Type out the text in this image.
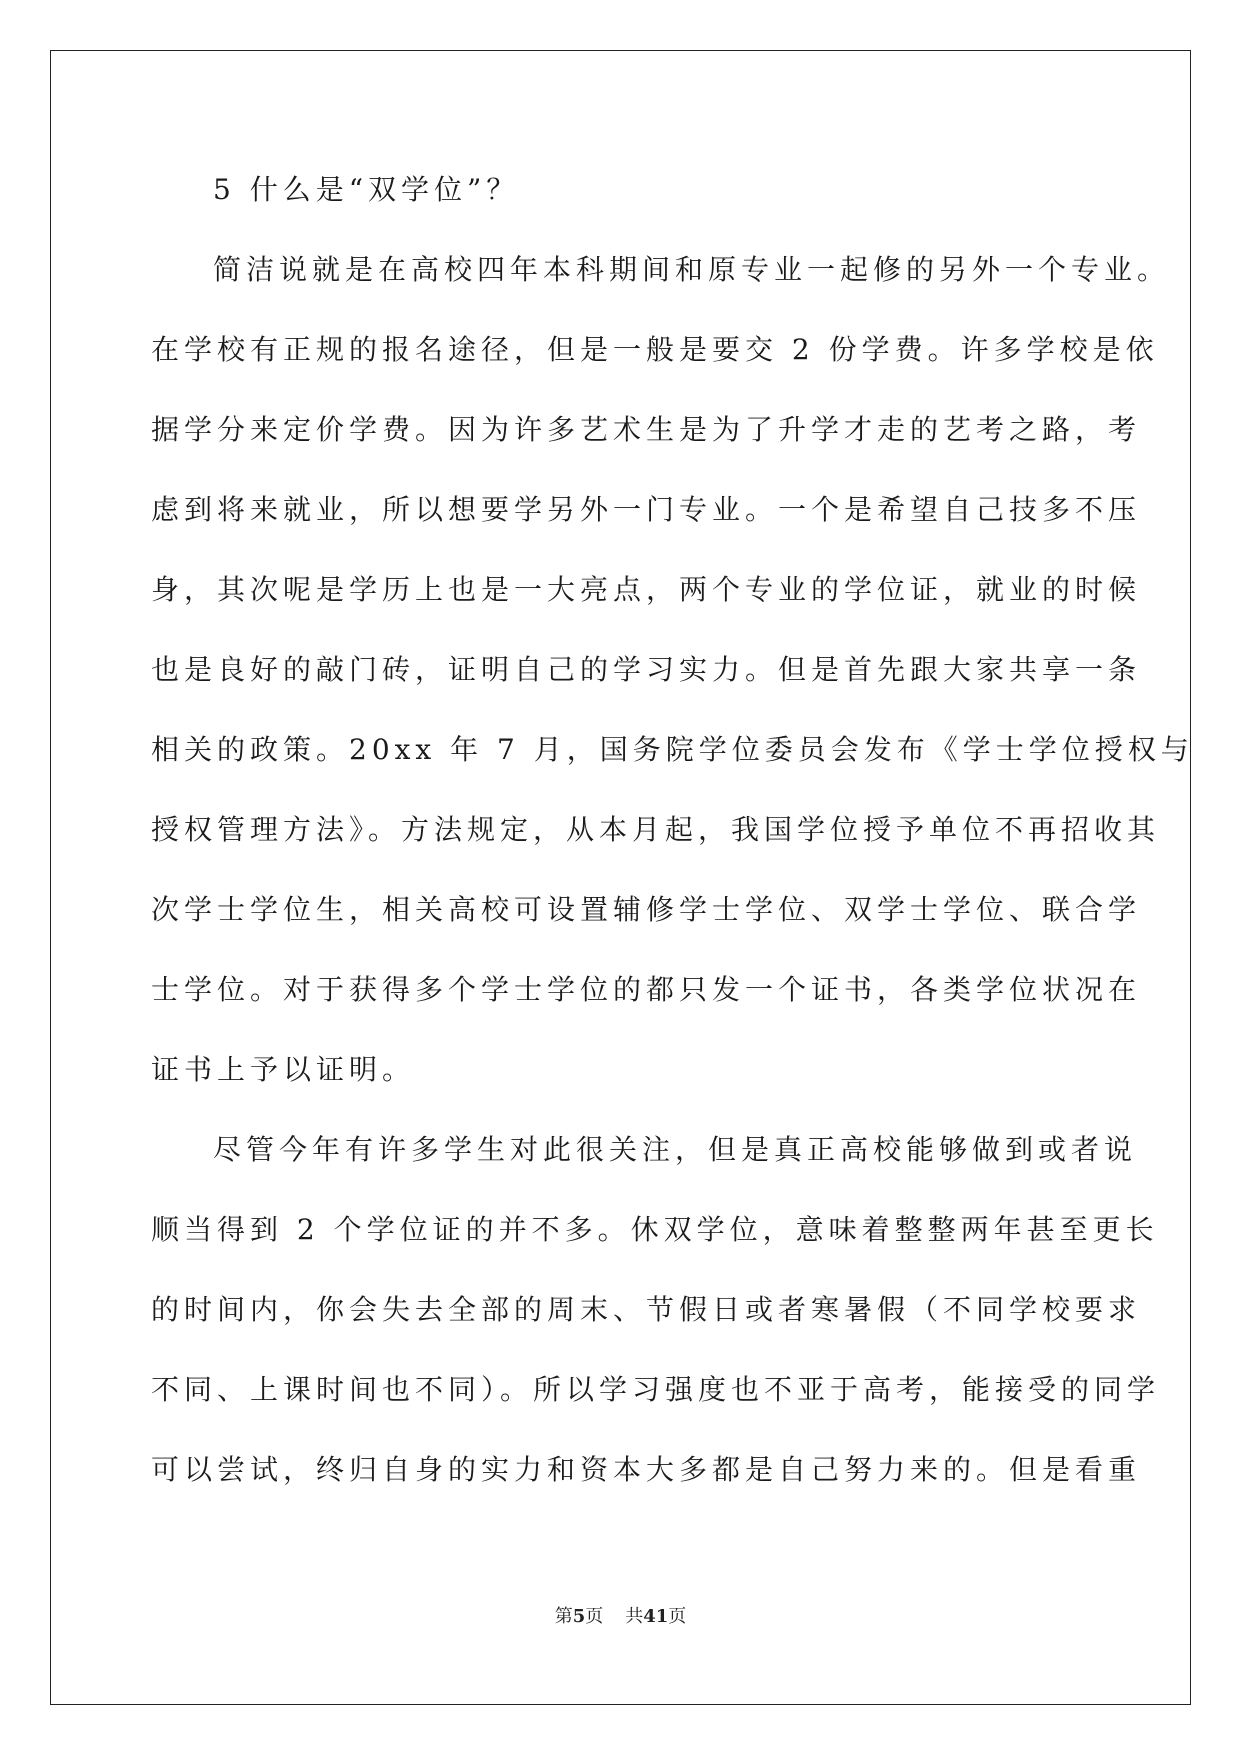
5 什么是“双学位”？

简洁说就是在高校四年本科期间和原专业一起修的另外一个专业。

在学校有正规的报名途径，但是一般是要交 2 份学费。许多学校是依

据学分来定价学费。因为许多艺术生是为了升学才走的艺考之路，考

虑到将来就业，所以想要学另外一门专业。一个是希望自己技多不压

身，其次呢是学历上也是一大亮点，两个专业的学位证，就业的时候

也是良好的敲门砖，证明自己的学习实力。但是首先跟大家共享一条

相关的政策。20xx 年 7 月，国务院学位委员会发布《学士学位授权与

授权管理方法》。方法规定，从本月起，我国学位授予单位不再招收其

次学士学位生，相关高校可设置辅修学士学位、双学士学位、联合学

士学位。对于获得多个学士学位的都只发一个证书，各类学位状况在

证书上予以证明。

尽管今年有许多学生对此很关注，但是真正高校能够做到或者说

顺当得到 2 个学位证的并不多。休双学位，意味着整整两年甚至更长

的时间内，你会失去全部的周末、节假日或者寒暑假（不同学校要求

不同、上课时间也不同）。所以学习强度也不亚于高考，能接受的同学

可以尝试，终归自身的实力和资本大多都是自己努力来的。但是看重

第5页 共41页
